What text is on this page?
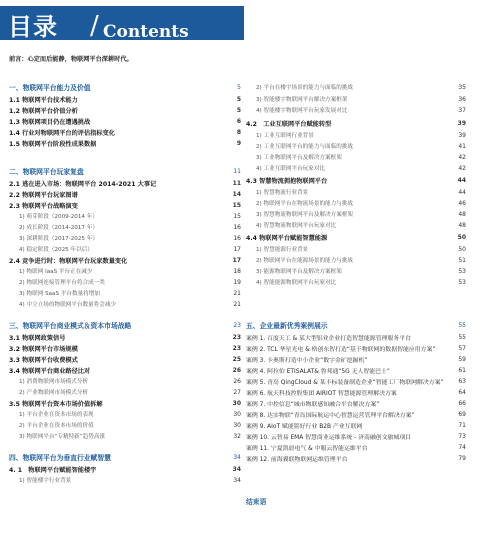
目录 / Contents
前言：心定而后能静，物联网平台深耕时代。
一、物联网平台能力及价值	5
1.1 物联网平台技术能力	5
1.2 物联网平台价值分析	5
1.3 物联网项目仍在遭遇挑战	6
1.4 行业对物联网平台的评估指标变化	8
1.5 物联网平台阶段性成果数据	9
二、物联网平台玩家复盘	11
2.1 逃在进入市场：物联网平台 2014-2021 大事记	11
2.2 物联网平台玩家图谱	14
2.3 物联网平台战略演变	15
1) 萌芽阶段（2009-2014 年）	15
2) 成长阶段（2014-2017 年）	16
3) 深耕阶段（2017-2025 年）	16
4) 稳定阶段（2025 年以后）	17
2.4 竞争进行时：物联网平台玩家数量变化	17
1) 物联网 IaaS 平台正在减少	18
2) 物联网连接管理平台将合成一类	19
3) 物联网 SaaS 平台数量将增加	21
4) 中立立场的物联网平台数量将会减少	21
三、物联网平台商业模式＆资本市场战略	23
3.1 物联网政策信号	23
3.2 物联网平台市场规模	23
3.3 物联网平台收费模式	25
3.4 物联网平台商业路径比对	26
1) 消费物联网市场模式分析	26
2) 产业物联网市场模式分析	27
3.5 物联网平台资本市场价值拆解	30
1) 平台企业在资本市场的表现	30
2) 平台企业在资本市场的价值	30
3) 物联网平台“专精特新”趋势高涨	32
四、物联网平台为垂直行业赋智慧	34
4. 1　物联网平台赋能智能楼宇	34
1) 智能楼宇行业背景	34
2) 平台在楼宇场景的能力与面临的挑战	35
3) 智能楼宇物联网平台解决方案框架	36
4) 智能楼宇物联网平台玩家发展对比	37
4.2　工业互联网平台赋能转型	39
1) 工业互联网行业背景	39
2) 工业互联网平台的能力与面临的挑战	41
3) 工业物联网平台及解决方案框架	42
4) 工业互联网平台玩家对比	42
4.3 智慧物流拥抱物联网平台	44
1) 智慧物流行业背景	44
2) 物联网平台在物流场景的能力与挑战	46
3) 智慧物流物联网平台及解决方案框架	48
4) 智慧物流物联网平台玩家对比	48
4.4 物联网平台赋能智慧能源	50
1) 智慧能源行业背景	50
2) 物联网平台在能源场景的能力与挑战	51
3) 能源物联网平台及解决方案框架	53
4) 智能能源物联网平台玩家对比	53
五、企业最新优秀案例展示	55
案例 1. 百度天工 & 某大型铝业企业打造智慧能源管理服务平台	55
案例 2. TCL 华星光电 & 格创东智打造“基于物联网的数据智能应用方案”	57
案例 3. 卡奥斯打造中小企业“数字金矿挖掘机”	59
案例 4. 阿拉伯 ETISALAT& 鲁邦通“5G 无人智能巴士”	61
案例 5. 青岛 QingCloud & 某丰标装备制造企业“智能工厂物联网解决方案”	63
案例 6. 航天科技控股集团 AIRIOT 智慧能源管理解决方案	64
案例 7. 中控信息“城市物联感知融合平台解决方案”	66
案例 8. 达实物联“青岛国际航运中心智慧运营管理平台解决方案”	69
案例 9. AIoT 赋能铭好行业 B2B 产业互联网	71
案例 10. 云智易 EMA 智慧商业运维系统 - 济南融创文旅城项目	73
案例 11. 宁夏凯晨电气 & 中服云智能运维平台	74
案例 12. 前海翼联物联网运维管理平台	79
结束语
